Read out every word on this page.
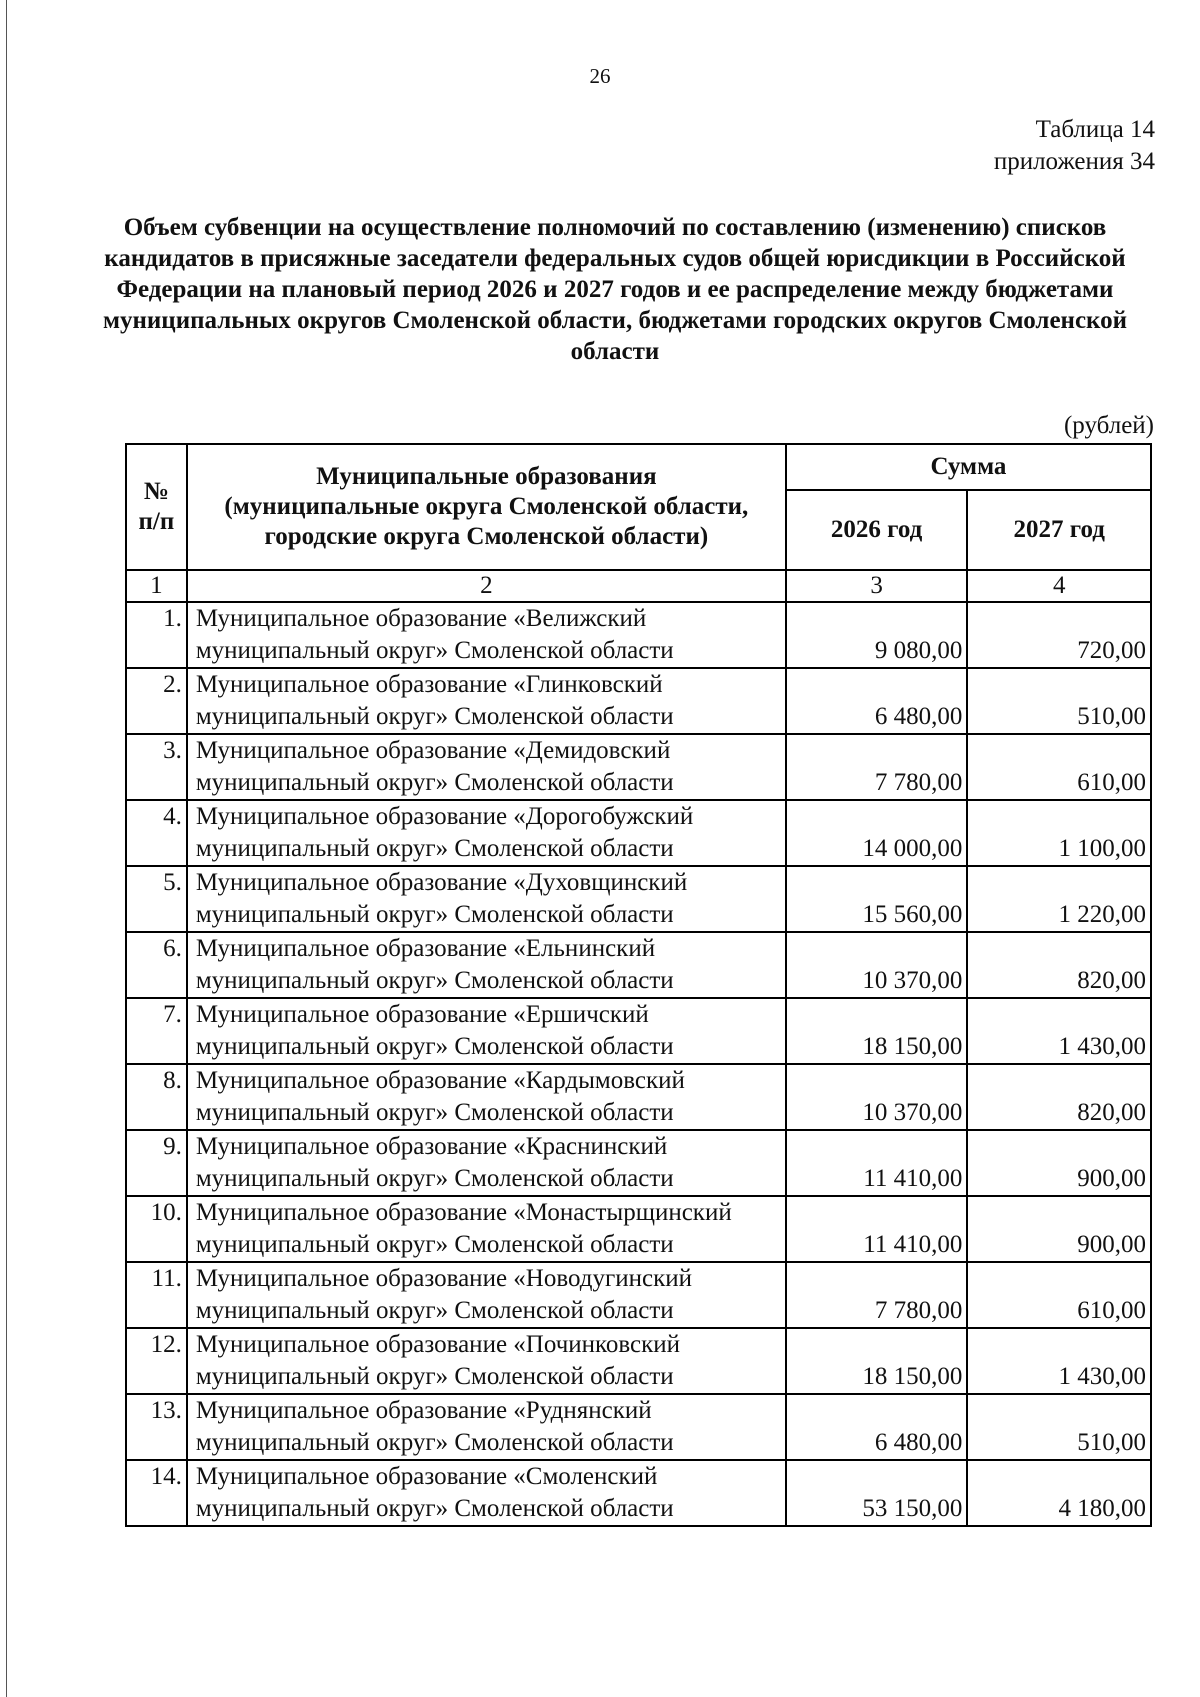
26
Таблица 14
приложения 34
Объем субвенции на осуществление полномочий по составлению (изменению) списков кандидатов в присяжные заседатели федеральных судов общей юрисдикции в Российской Федерации на плановый период 2026 и 2027 годов и ее распределение между бюджетами муниципальных округов Смоленской области, бюджетами городских округов Смоленской области
(рублей)
№ п/п	Муниципальные образования (муниципальные округа Смоленской области, городские округа Смоленской области)	Сумма	
		2026 год	2027 год
1	2	3	4
1.	Муниципальное образование «Велижский муниципальный округ» Смоленской области	9 080,00	720,00
2.	Муниципальное образование «Глинковский муниципальный округ» Смоленской области	6 480,00	510,00
3.	Муниципальное образование «Демидовский муниципальный округ» Смоленской области	7 780,00	610,00
4.	Муниципальное образование «Дорогобужский муниципальный округ» Смоленской области	14 000,00	1 100,00
5.	Муниципальное образование «Духовщинский муниципальный округ» Смоленской области	15 560,00	1 220,00
6.	Муниципальное образование «Ельнинский муниципальный округ» Смоленской области	10 370,00	820,00
7.	Муниципальное образование «Ершичский муниципальный округ» Смоленской области	18 150,00	1 430,00
8.	Муниципальное образование «Кардымовский муниципальный округ» Смоленской области	10 370,00	820,00
9.	Муниципальное образование «Краснинский муниципальный округ» Смоленской области	11 410,00	900,00
10.	Муниципальное образование «Монастырщинский муниципальный округ» Смоленской области	11 410,00	900,00
11.	Муниципальное образование «Новодугинский муниципальный округ» Смоленской области	7 780,00	610,00
12.	Муниципальное образование «Починковский муниципальный округ» Смоленской области	18 150,00	1 430,00
13.	Муниципальное образование «Руднянский муниципальный округ» Смоленской области	6 480,00	510,00
14.	Муниципальное образование «Смоленский муниципальный округ» Смоленской области	53 150,00	4 180,00
